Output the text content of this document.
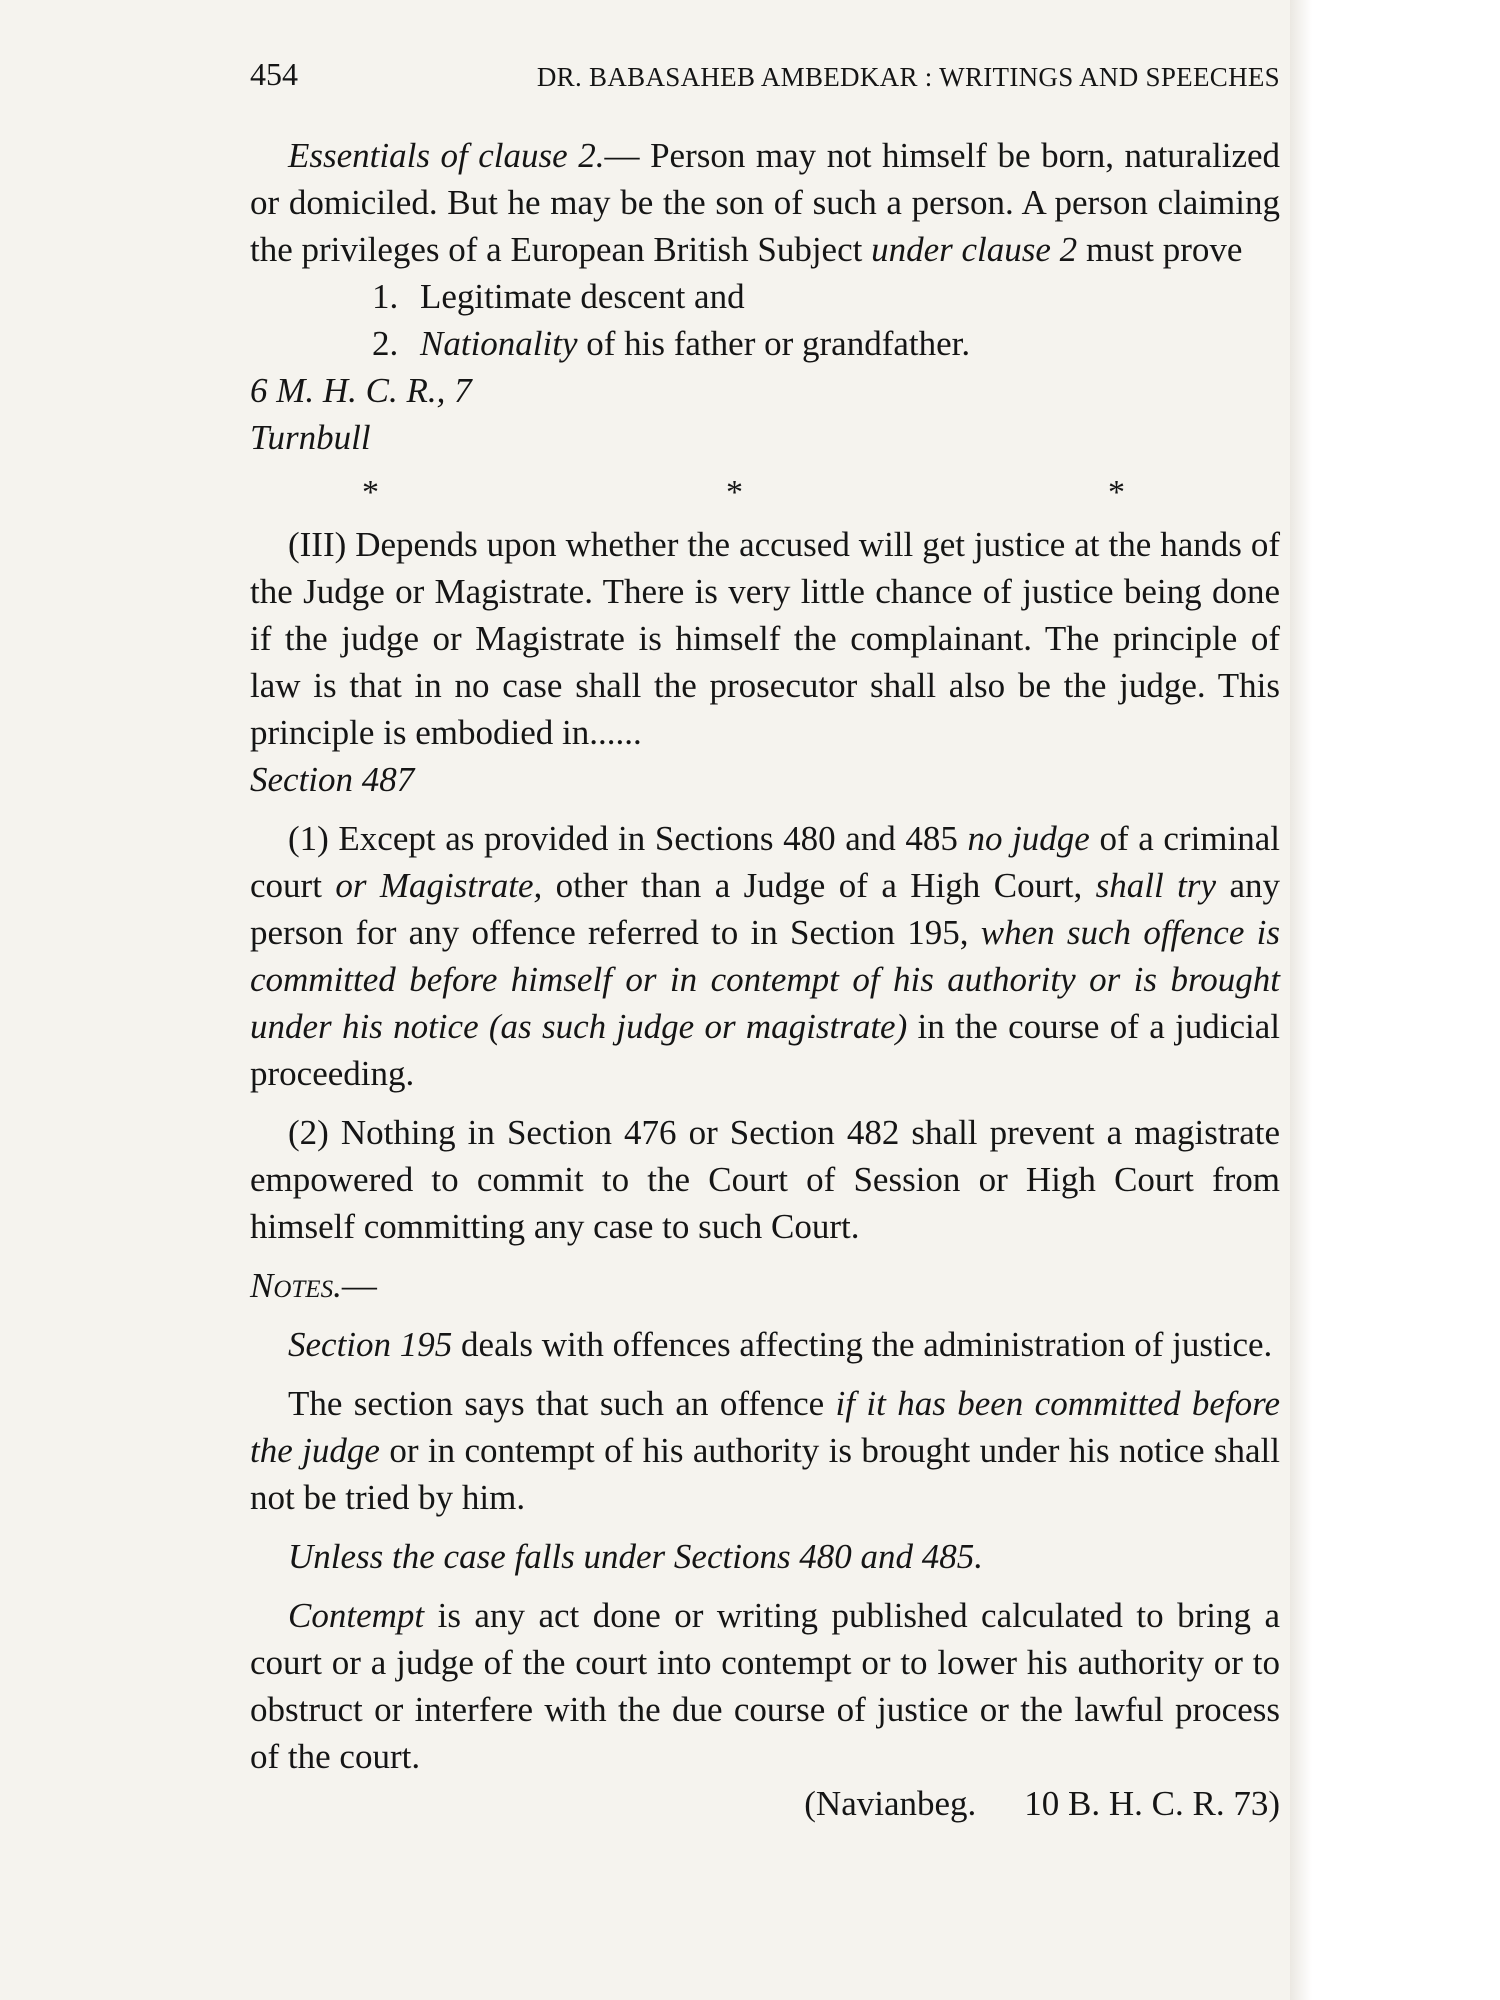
454	DR. BABASAHEB AMBEDKAR : WRITINGS AND SPEECHES

Essentials of clause 2.— Person may not himself be born, naturalized or domiciled. But he may be the son of such a person. A person claiming the privileges of a European British Subject under clause 2 must prove

1. Legitimate descent and

2. Nationality of his father or grandfather.

6 M. H. C. R., 7

Turnbull

*	*	*

(III) Depends upon whether the accused will get justice at the hands of the Judge or Magistrate. There is very little chance of justice being done if the judge or Magistrate is himself the complainant. The principle of law is that in no case shall the prosecutor shall also be the judge. This principle is embodied in......

Section 487

(1) Except as provided in Sections 480 and 485 no judge of a criminal court or Magistrate, other than a Judge of a High Court, shall try any person for any offence referred to in Section 195, when such offence is committed before himself or in contempt of his authority or is brought under his notice (as such judge or magistrate) in the course of a judicial proceeding.

(2) Nothing in Section 476 or Section 482 shall prevent a magistrate empowered to commit to the Court of Session or High Court from himself committing any case to such Court.

Notes.—

Section 195 deals with offences affecting the administration of justice.

The section says that such an offence if it has been committed before the judge or in contempt of his authority is brought under his notice shall not be tried by him.

Unless the case falls under Sections 480 and 485.

Contempt is any act done or writing published calculated to bring a court or a judge of the court into contempt or to lower his authority or to obstruct or interfere with the due course of justice or the lawful process of the court.

(Navianbeg. 10 B. H. C. R. 73)
